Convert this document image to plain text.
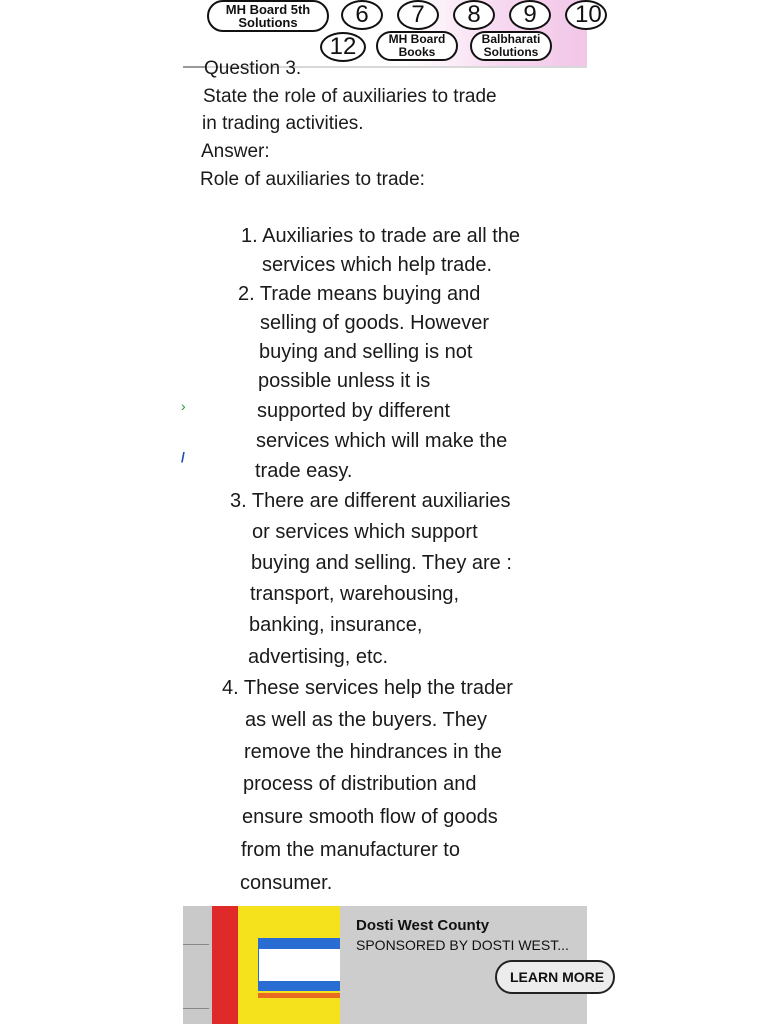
MH Board 5th
Solutions	6	7	8	9	10
12	MH Board
Books
Balbharati
Solutions
Question 3.
State the role of auxiliaries to trade
in trading activities.
Answer:
Role of auxiliaries to trade:
1. Auxiliaries to trade are all the
services which help trade.
2. Trade means buying and
selling of goods. However
buying and selling is not
possible unless it is
supported by different
services which will make the
trade easy.
3. There are different auxiliaries
or services which support
buying and selling. They are :
transport, warehousing,
banking, insurance,
advertising, etc.
4. These services help the trader
as well as the buyers. They
remove the hindrances in the
process of distribution and
ensure smooth flow of goods
from the manufacturer to
consumer.
›
/
Dosti West County
SPONSORED BY DOSTI WEST...
LEARN MORE
